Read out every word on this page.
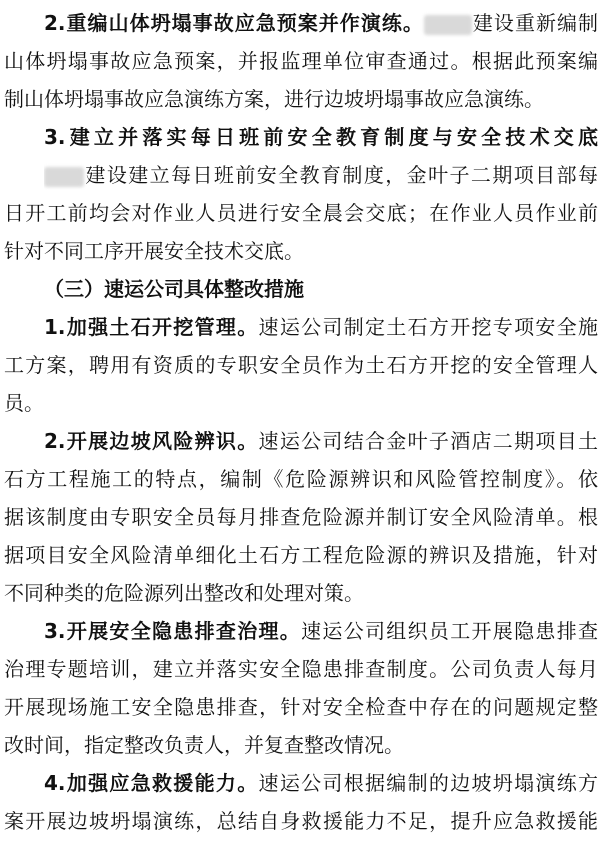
2.重编山体坍塌事故应急预案并作演练。 建设重新编制
山体坍塌事故应急预案，并报监理单位审查通过。根据此预案编
制山体坍塌事故应急演练方案，进行边坡坍塌事故应急演练。
3.建立并落实每日班前安全教育制度与安全技术交底
建设建立每日班前安全教育制度，金叶子二期项目部每
日开工前均会对作业人员进行安全晨会交底；在作业人员作业前
针对不同工序开展安全技术交底。
（三）速运公司具体整改措施
1.加强土石开挖管理。速运公司制定土石方开挖专项安全施
工方案，聘用有资质的专职安全员作为土石方开挖的安全管理人
员。
2.开展边坡风险辨识。速运公司结合金叶子酒店二期项目土
石方工程施工的特点，编制《危险源辨识和风险管控制度》。依
据该制度由专职安全员每月排查危险源并制订安全风险清单。根
据项目安全风险清单细化土石方工程危险源的辨识及措施，针对
不同种类的危险源列出整改和处理对策。
3.开展安全隐患排查治理。速运公司组织员工开展隐患排查
治理专题培训，建立并落实安全隐患排查制度。公司负责人每月
开展现场施工安全隐患排查，针对安全检查中存在的问题规定整
改时间，指定整改负责人，并复查整改情况。
4.加强应急救援能力。速运公司根据编制的边坡坍塌演练方
案开展边坡坍塌演练，总结自身救援能力不足，提升应急救援能
